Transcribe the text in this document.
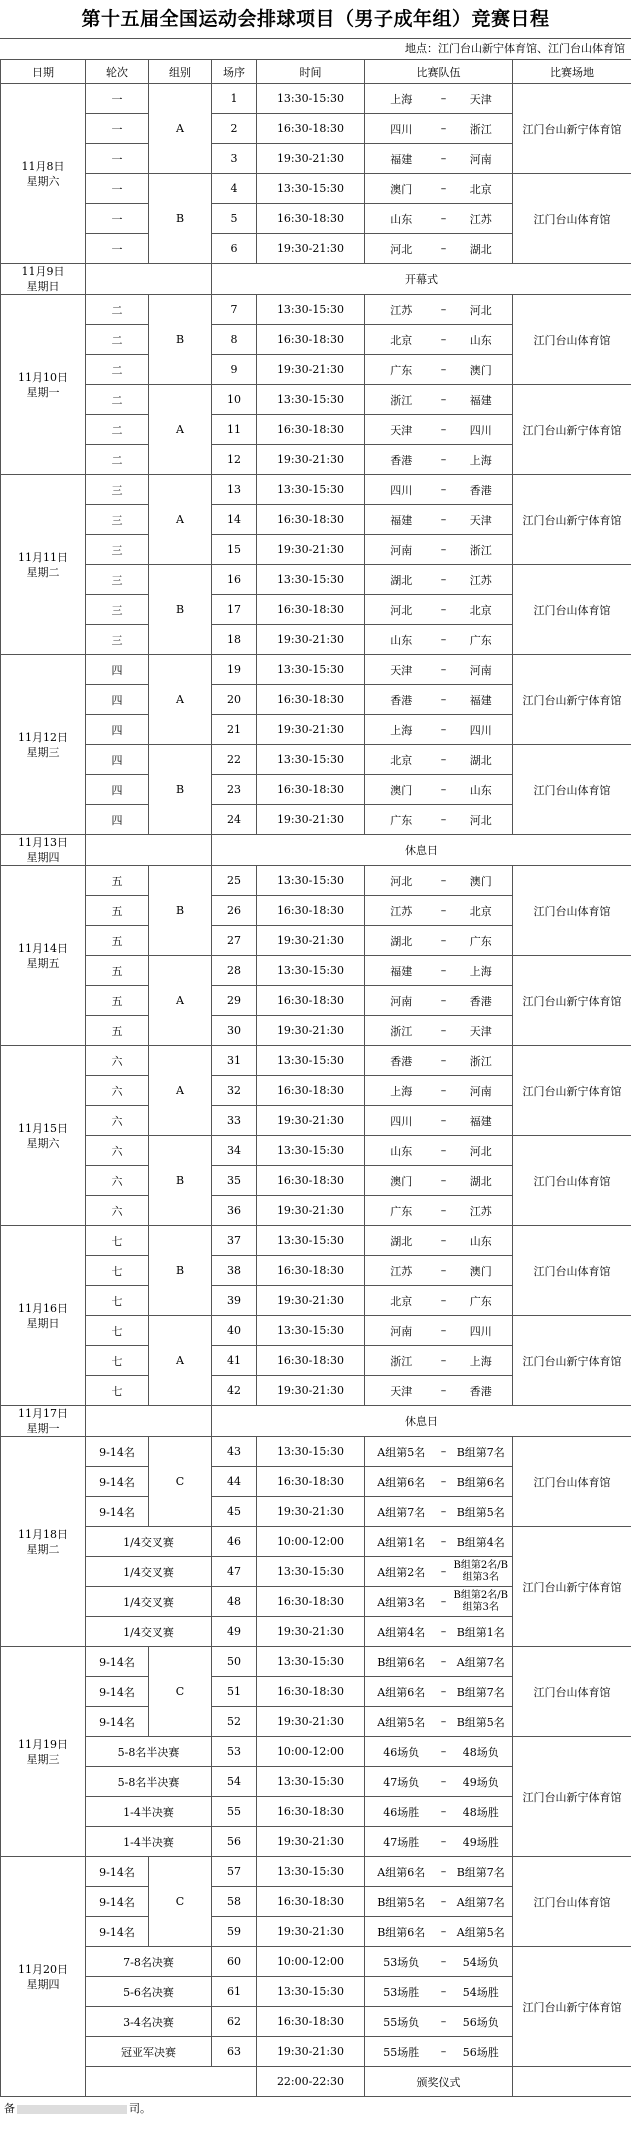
第十五届全国运动会排球项目（男子成年组）竞赛日程
地点：江门台山新宁体育馆、江门台山体育馆
日期	轮次	组别	场序	时间	比赛队伍			比赛场地

11月8日
星期六	一	A	1	13:30-15:30	上海	–	天津	江门台山新宁体育馆
	一		2	16:30-18:30	四川	–	浙江	
	一		3	19:30-21:30	福建	–	河南	
	一	B	4	13:30-15:30	澳门	–	北京	江门台山体育馆
	一		5	16:30-18:30	山东	–	江苏	
	一		6	19:30-21:30	河北	–	湖北	

11月9日
星期日			开幕式					

11月10日
星期一	二	B	7	13:30-15:30	江苏	–	河北	江门台山体育馆
	二		8	16:30-18:30	北京	–	山东	
	二		9	19:30-21:30	广东	–	澳门	
	二	A	10	13:30-15:30	浙江	–	福建	江门台山新宁体育馆
	二		11	16:30-18:30	天津	–	四川	
	二		12	19:30-21:30	香港	–	上海	

11月11日
星期二	三	A	13	13:30-15:30	四川	–	香港	江门台山新宁体育馆
	三		14	16:30-18:30	福建	–	天津	
	三		15	19:30-21:30	河南	–	浙江	
	三	B	16	13:30-15:30	湖北	–	江苏	江门台山体育馆
	三		17	16:30-18:30	河北	–	北京	
	三		18	19:30-21:30	山东	–	广东	

11月12日
星期三	四	A	19	13:30-15:30	天津	–	河南	江门台山新宁体育馆
	四		20	16:30-18:30	香港	–	福建	
	四		21	19:30-21:30	上海	–	四川	
	四	B	22	13:30-15:30	北京	–	湖北	江门台山体育馆
	四		23	16:30-18:30	澳门	–	山东	
	四		24	19:30-21:30	广东	–	河北	

11月13日
星期四			休息日					

11月14日
星期五	五	B	25	13:30-15:30	河北	–	澳门	江门台山体育馆
	五		26	16:30-18:30	江苏	–	北京	
	五		27	19:30-21:30	湖北	–	广东	
	五	A	28	13:30-15:30	福建	–	上海	江门台山新宁体育馆
	五		29	16:30-18:30	河南	–	香港	
	五		30	19:30-21:30	浙江	–	天津	

11月15日
星期六	六	A	31	13:30-15:30	香港	–	浙江	江门台山新宁体育馆
	六		32	16:30-18:30	上海	–	河南	
	六		33	19:30-21:30	四川	–	福建	
	六	B	34	13:30-15:30	山东	–	河北	江门台山体育馆
	六		35	16:30-18:30	澳门	–	湖北	
	六		36	19:30-21:30	广东	–	江苏	

11月16日
星期日	七	B	37	13:30-15:30	湖北	–	山东	江门台山体育馆
	七		38	16:30-18:30	江苏	–	澳门	
	七		39	19:30-21:30	北京	–	广东	
	七	A	40	13:30-15:30	河南	–	四川	江门台山新宁体育馆
	七		41	16:30-18:30	浙江	–	上海	
	七		42	19:30-21:30	天津	–	香港	

11月17日
星期一			休息日					

11月18日
星期二	9-14名	C	43	13:30-15:30	A组第5名	–	B组第7名	江门台山体育馆
	9-14名		44	16:30-18:30	A组第6名	–	B组第6名	
	9-14名		45	19:30-21:30	A组第7名	–	B组第5名	
	1/4交叉赛		46	10:00-12:00	A组第1名	–	B组第4名	江门台山新宁体育馆
	1/4交叉赛		47	13:30-15:30	A组第2名	–	B组第2名/B组第3名	
	1/4交叉赛		48	16:30-18:30	A组第3名	–	B组第2名/B组第3名	
	1/4交叉赛		49	19:30-21:30	A组第4名	–	B组第1名	

11月19日
星期三	9-14名	C	50	13:30-15:30	B组第6名	–	A组第7名	江门台山体育馆
	9-14名		51	16:30-18:30	A组第6名	–	B组第7名	
	9-14名		52	19:30-21:30	A组第5名	–	B组第5名	
	5-8名半决赛		53	10:00-12:00	46场负	–	48场负	江门台山新宁体育馆
	5-8名半决赛		54	13:30-15:30	47场负	–	49场负	
	1-4半决赛		55	16:30-18:30	46场胜	–	48场胜	
	1-4半决赛		56	19:30-21:30	47场胜	–	49场胜	

11月20日
星期四	9-14名	C	57	13:30-15:30	A组第6名	–	B组第7名	江门台山体育馆
	9-14名		58	16:30-18:30	B组第5名	–	A组第7名	
	9-14名		59	19:30-21:30	B组第6名	–	A组第5名	
	7-8名决赛		60	10:00-12:00	53场负	–	54场负	江门台山新宁体育馆
	5-6名决赛		61	13:30-15:30	53场胜	–	54场胜	
	3-4名决赛		62	16:30-18:30	55场负	–	56场负	
	冠亚军决赛		63	19:30-21:30	55场胜	–	56场胜	
				22:00-22:30	颁奖仪式			
备	司。
